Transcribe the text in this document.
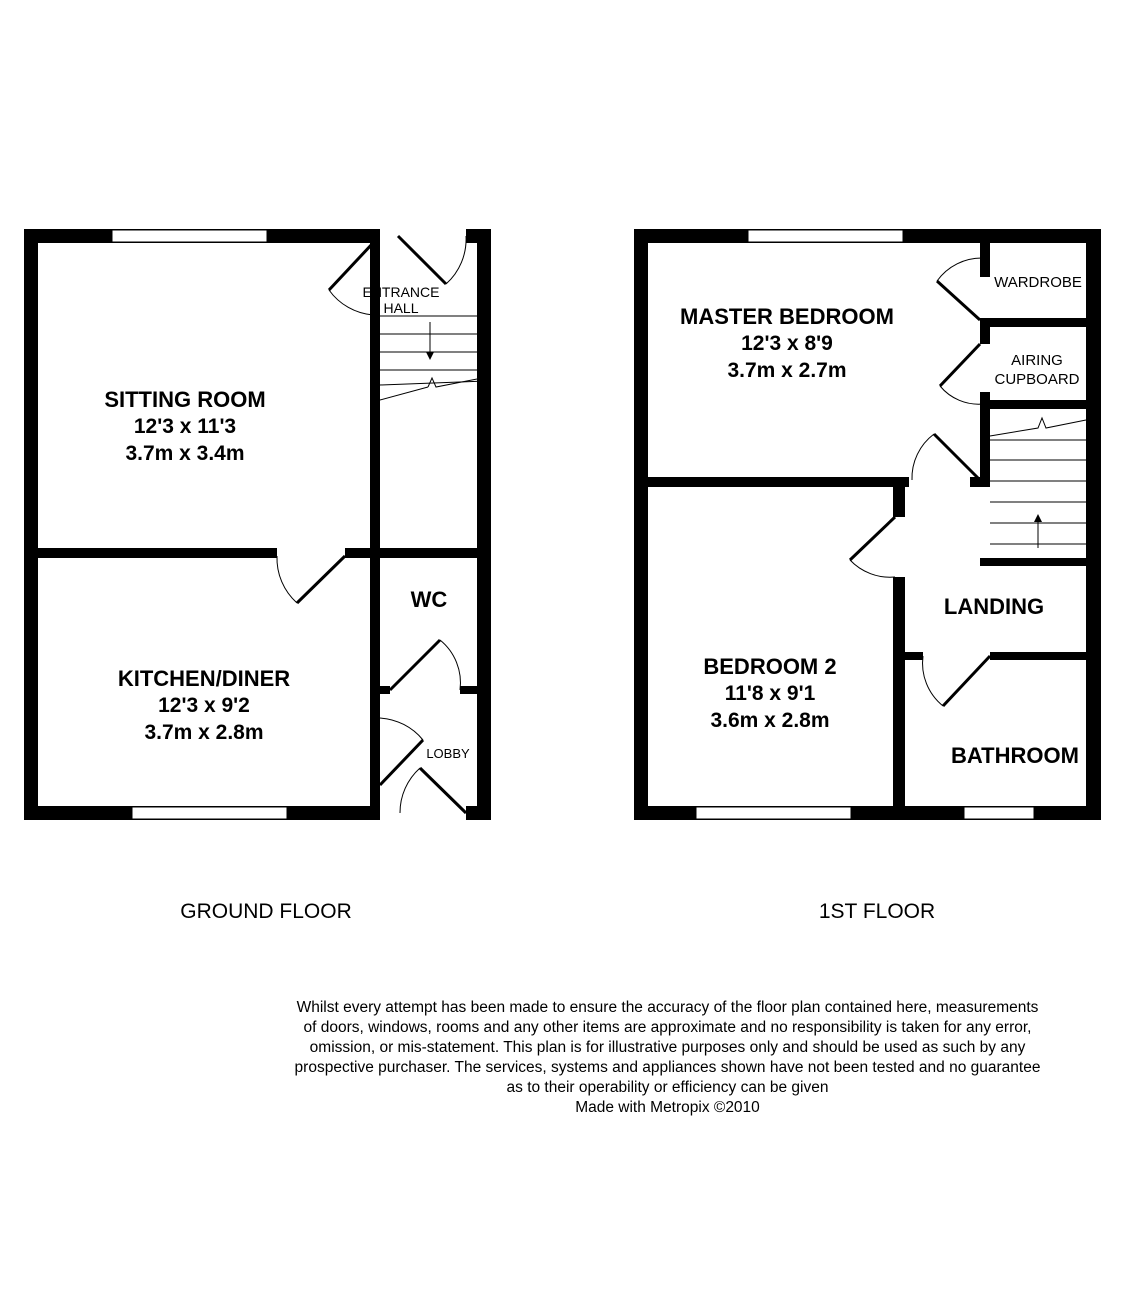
SITTING ROOM
12'3 x 11'3
3.7m x 3.4m
KITCHEN/DINER
12'3 x 9'2
3.7m x 2.8m
ENTRANCE
HALL
WC
LOBBY
MASTER BEDROOM
12'3 x 8'9
3.7m x 2.7m
BEDROOM 2
11'8 x 9'1
3.6m x 2.8m
WARDROBE
AIRING
CUPBOARD
LANDING
BATHROOM
GROUND FLOOR	1ST FLOOR

Whilst every attempt has been made to ensure the accuracy of the floor plan contained here, measurements

of doors, windows, rooms and any other items are approximate and no responsibility is taken for any error,

omission, or mis-statement. This plan is for illustrative purposes only and should be used as such by any

prospective purchaser. The services, systems and appliances shown have not been tested and no guarantee

as to their operability or efficiency can be given

Made with Metropix ©2010
